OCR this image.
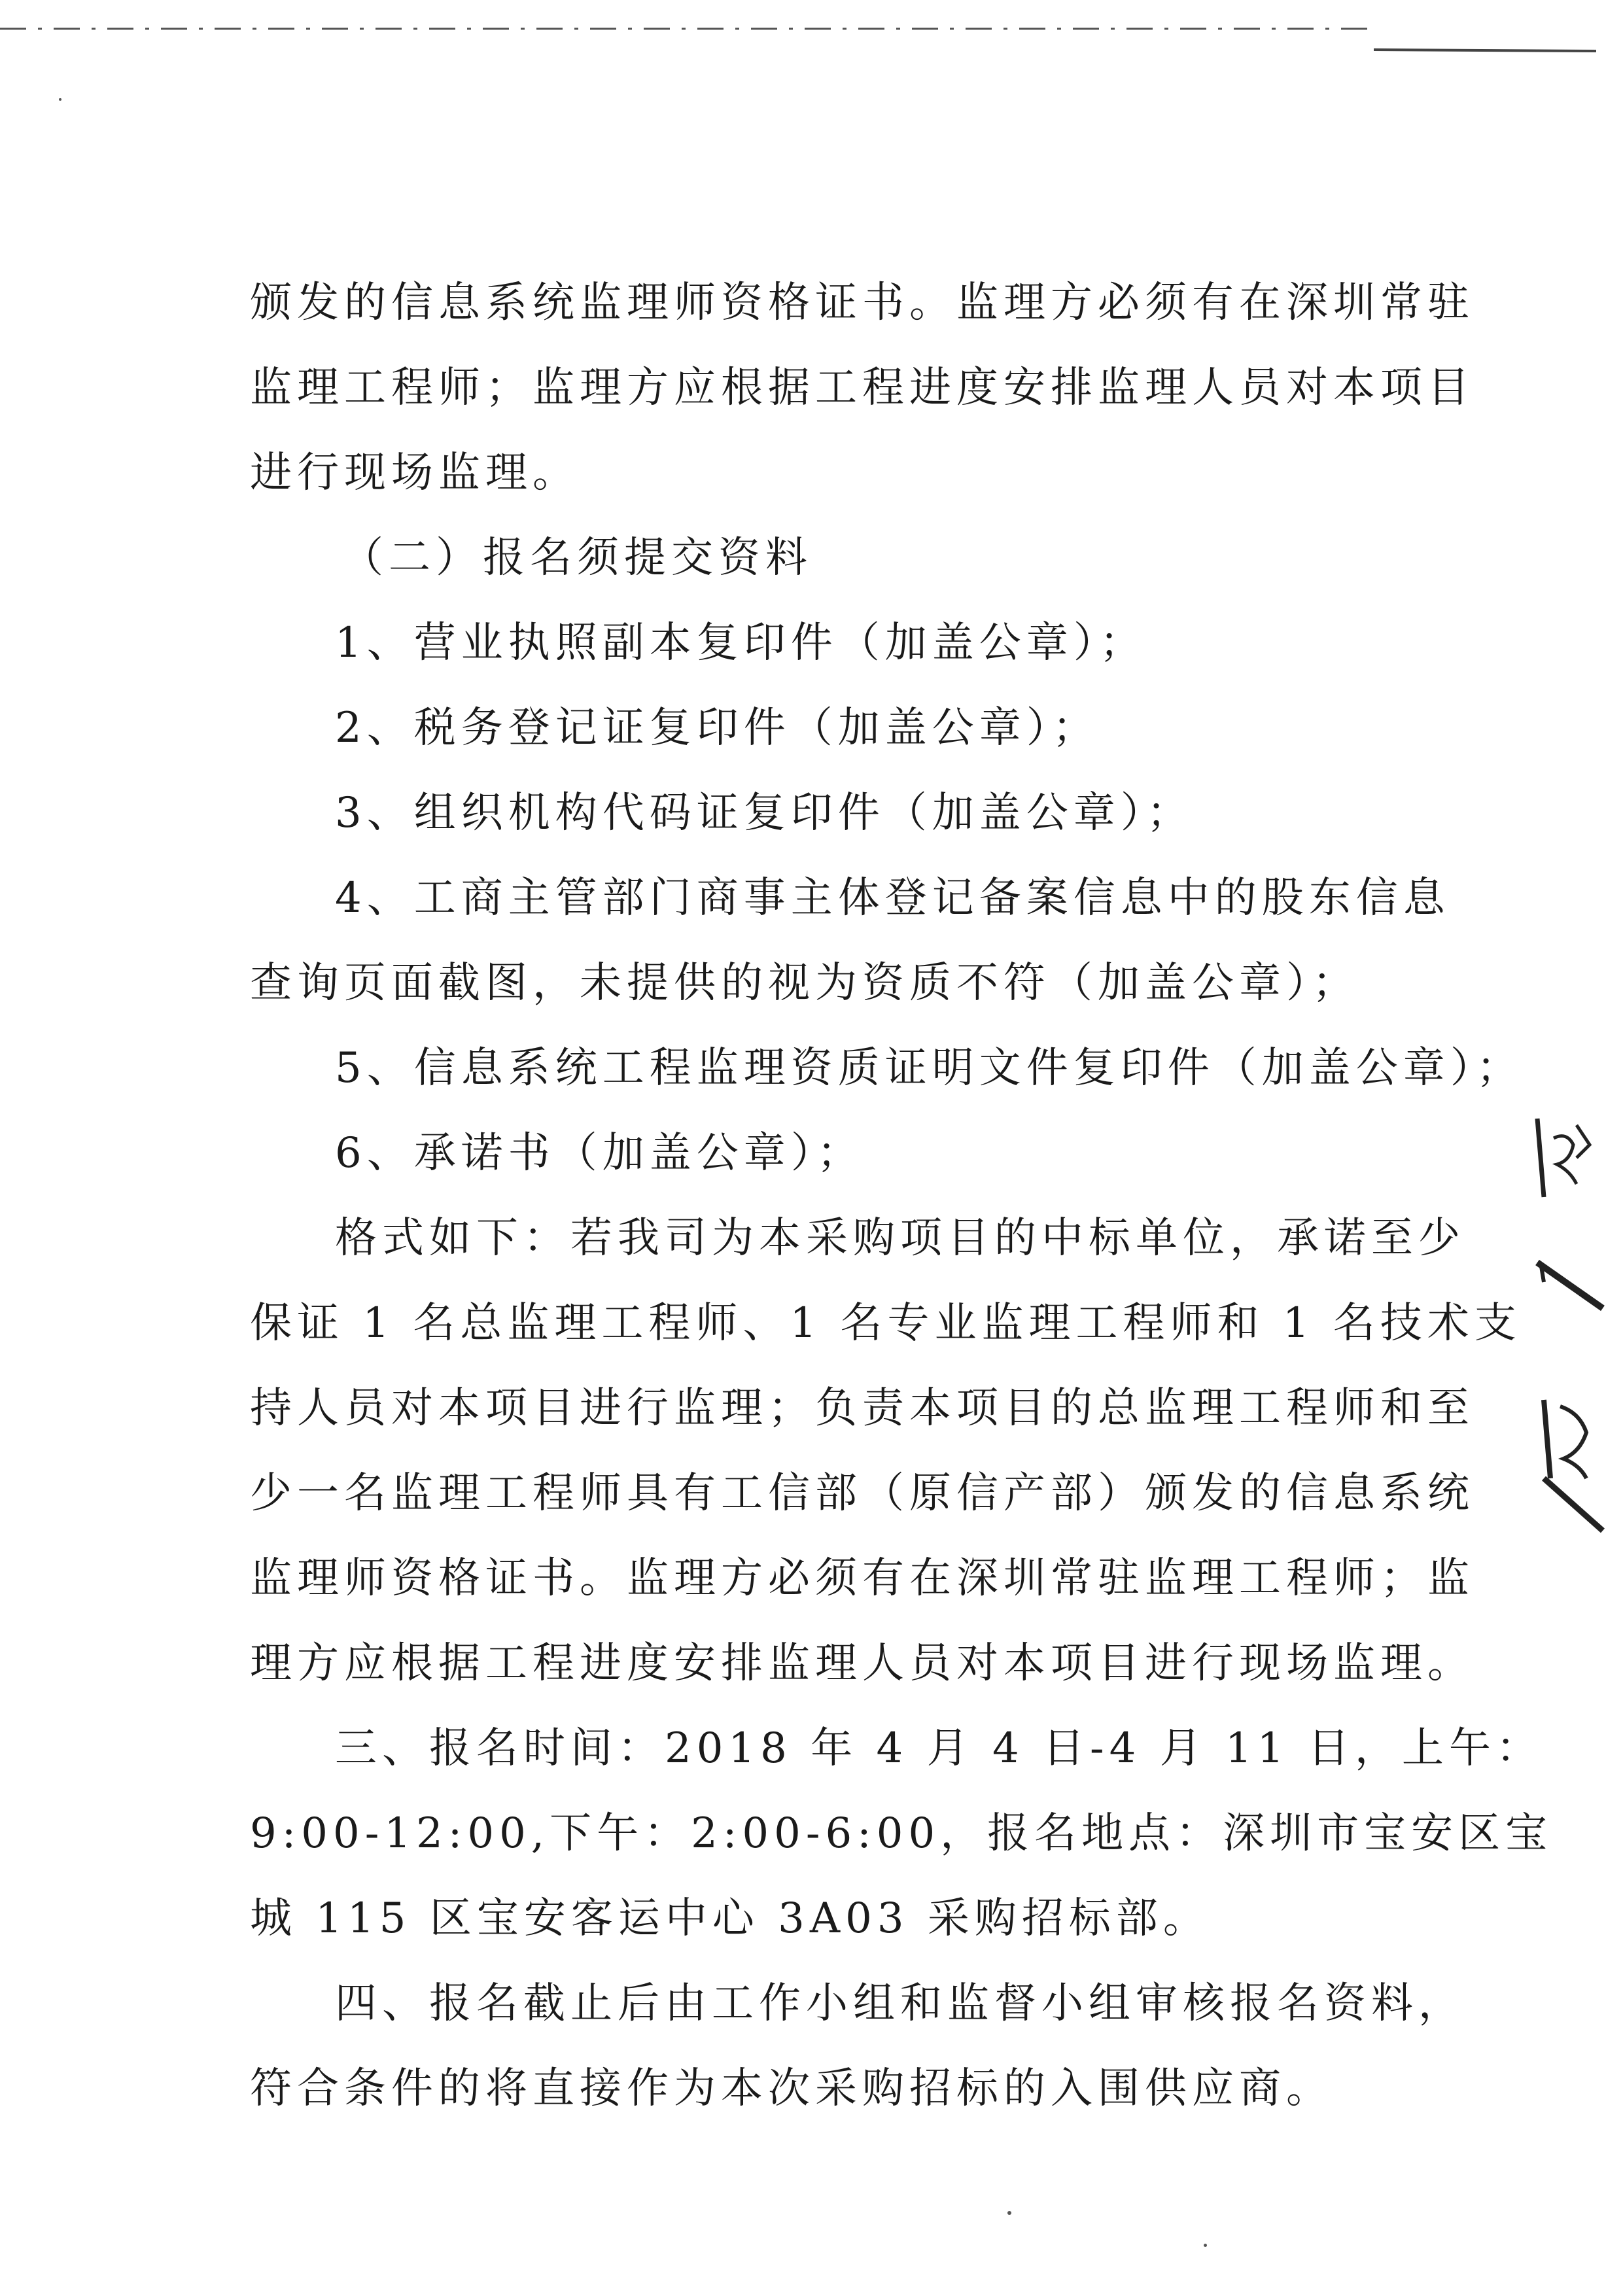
颁发的信息系统监理师资格证书。监理方必须有在深圳常驻
监理工程师；监理方应根据工程进度安排监理人员对本项目
进行现场监理。
（二）报名须提交资料
1、营业执照副本复印件（加盖公章）；
2、税务登记证复印件（加盖公章）；
3、组织机构代码证复印件（加盖公章）；
4、工商主管部门商事主体登记备案信息中的股东信息
查询页面截图，未提供的视为资质不符（加盖公章）；
5、信息系统工程监理资质证明文件复印件（加盖公章）；
6、承诺书（加盖公章）；
格式如下：若我司为本采购项目的中标单位，承诺至少
保证 1 名总监理工程师、1 名专业监理工程师和 1 名技术支
持人员对本项目进行监理；负责本项目的总监理工程师和至
少一名监理工程师具有工信部（原信产部）颁发的信息系统
监理师资格证书。监理方必须有在深圳常驻监理工程师；监
理方应根据工程进度安排监理人员对本项目进行现场监理。
三、报名时间：2018 年 4 月 4 日-4 月 11 日，上午：
9:00-12:00,下午：2:00-6:00，报名地点：深圳市宝安区宝
城 115 区宝安客运中心 3A03 采购招标部。
四、报名截止后由工作小组和监督小组审核报名资料，
符合条件的将直接作为本次采购招标的入围供应商。
